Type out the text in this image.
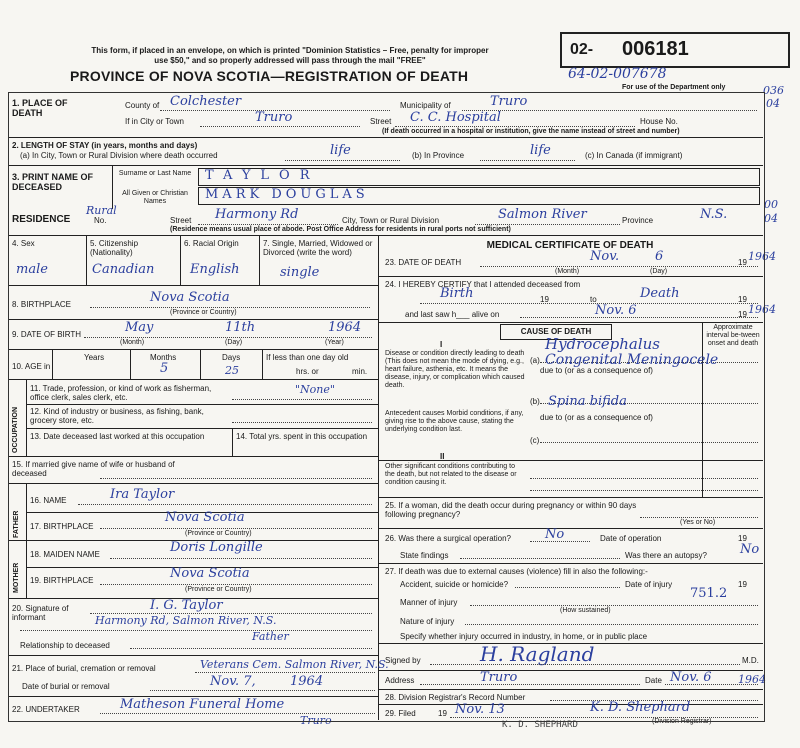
This form, if placed in an envelope, on which is printed "Dominion Statistics – Free, penalty for improper
use $50," and so properly addressed will pass through the mail "FREE"
PROVINCE OF NOVA SCOTIA—REGISTRATION OF DEATH
02- 006181
64-02-007678
For use of the Department only	036
04
1. PLACE OF DEATH
County of Colchester	Municipality of	Truro
If in City or Town	Truro	Street C. C. Hospital	House No.
(If death occurred in a hospital or institution, give the name instead of street and number)
2. LENGTH OF STAY (in years, months and days)
(a) In City, Town or Rural Division where death occurred	life	(b) In Province	life	(c) In Canada (if immigrant)
3. PRINT NAME OF DECEASED
Surname or Last Name
All Given or Christian Names
TAYLOR
MARK DOUGLAS
RESIDENCE
Rural
No.	Street Harmony Rd	City, Town or Rural Division	Salmon River	Province	N.S.
00
04
(Residence means usual place of abode. Post Office Address for residents in rural ports not sufficient)
4. Sex
male
5. Citizenship (Nationality)
Canadian
6. Racial Origin
English
7. Single, Married, Widowed or Divorced (write the word)
single
8. BIRTHPLACE	Nova Scotia
(Province or Country)
9. DATE OF BIRTH	May	11th	1964
(Month)	(Day)	(Year)
10. AGE in
Years	Months
5
Days
25
If less than one day old
hrs. or	min.
OCCUPATION
11. Trade, profession, or kind of work as fisherman, office clerk, sales clerk, etc.
"None"
12. Kind of industry or business, as fishing, bank, grocery store, etc.
13. Date deceased last worked at this occupation	14. Total yrs. spent in this occupation
15. If married give name of wife or husband of deceased
FATHER
MOTHER
16. NAME	Ira Taylor
17. BIRTHPLACE
Nova Scotia
(Province or Country)
18. MAIDEN NAME	Doris Longille
19. BIRTHPLACE	Nova Scotia
(Province or Country)
20. Signature of informant
I. G. Taylor
Harmony Rd, Salmon River, N.S.
Father
Relationship to deceased
21. Place of burial, cremation or removal	Veterans Cem. Salmon River, N.S.
Date of burial or removal	Nov. 7,	1964
22. UNDERTAKER	Matheson Funeral Home
Truro
MEDICAL CERTIFICATE OF DEATH
23. DATE OF DEATH	Nov.	6	19 1964
(Month)	(Day)
24. I HEREBY CERTIFY that I attended deceased from
Birth	19	to	Death	19
and last saw h___ alive on	Nov. 6	19 1964
CAUSE OF DEATH	Approximate interval be-tween onset and death
I
Disease or condition directly leading to death (This does not mean the mode of dying, e.g., heart failure, asthenia, etc. It means the disease, injury, or complication which caused death.
(a)
Hydrocephalus
due to (or as a consequence of)
Congenital Meningocele
(b) Spina bifida
Antecedent causes Morbid conditions, if any, giving rise to the above cause, stating the underlying condition last.
due to (or as a consequence of)
(c)
II
Other significant conditions contributing to the death, but not related to the disease or condition causing it.
25. If a woman, did the death occur during pregnancy or within 90 days following pregnancy?
(Yes or No)
26. Was there a surgical operation?	No	Date of operation	19
State findings	Was there an autopsy?	No
27. If death was due to external causes (violence) fill in also the following:-
Accident, suicide or homicide?	Date of injury	19
751.2
Manner of injury
(How sustained)
Nature of injury
Specify whether injury occurred in industry, in home, or in public place
Signed by	H. Ragland	M.D.
Address	Truro	Date Nov. 6 1964
28. Division Registrar's Record Number
29. Filed	19 Nov. 13	K. D. Shephard
(Division Registrar)
K. D. SHEPHARD
